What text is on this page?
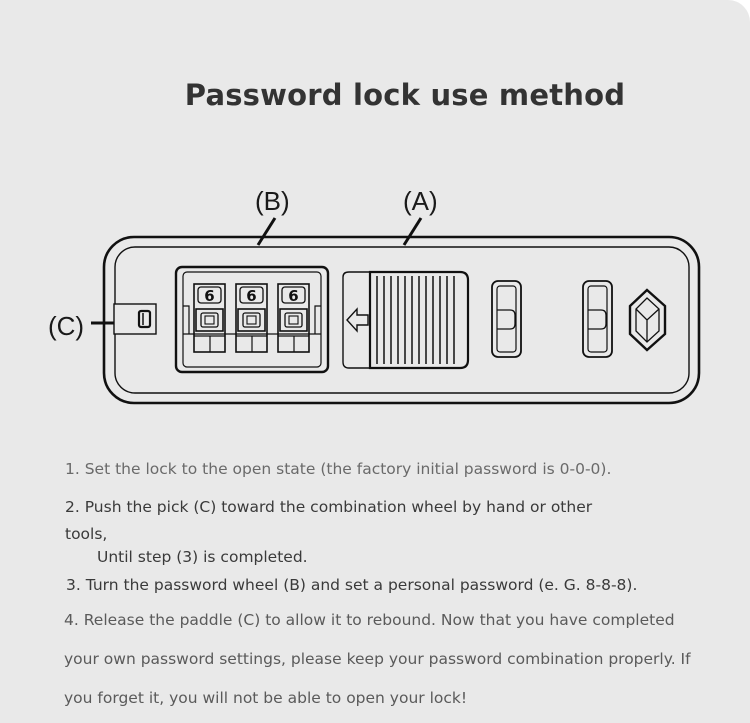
Password lock use method
(B)	(A)
(C)
6 6 6
1. Set the lock to the open state (the factory initial password is 0-0-0).
2. Push the pick (C) toward the combination wheel by hand or other
tools,
Until step (3) is completed.
3. Turn the password wheel (B) and set a personal password (e. G. 8-8-8).
4. Release the paddle (C) to allow it to rebound. Now that you have completed
your own password settings, please keep your password combination properly. If
you forget it, you will not be able to open your lock!
